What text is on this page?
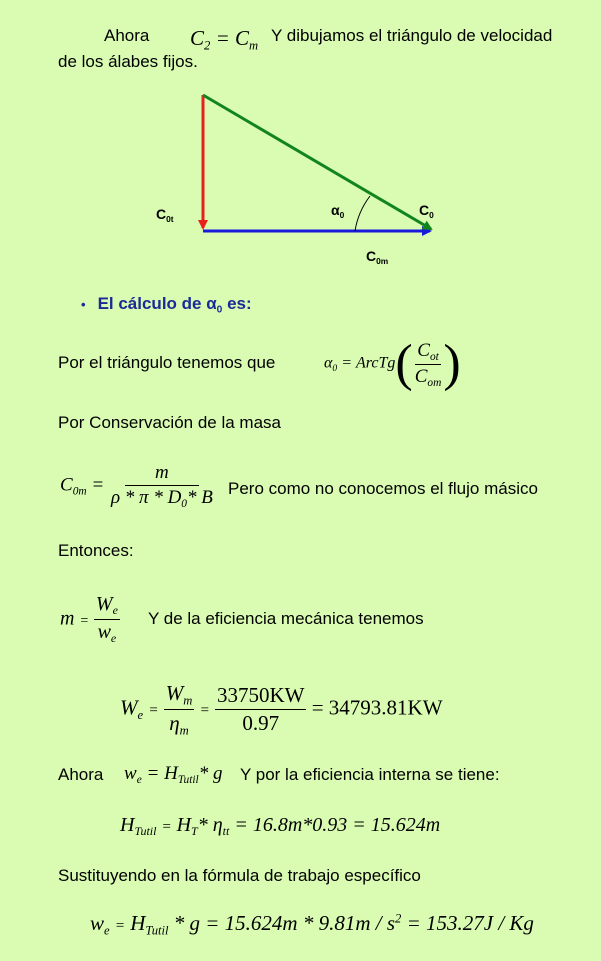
Ahora $C_2 = C_m$
Y dibujamos el triángulo de velocidad
de los álabes fijos.
$C_{0t}$
$\alpha_0$	$C_0$
$C_{0m}$
• El cálculo de $\alpha_0$ es:
Por el triángulo tenemos que	$\alpha_0$ = ArcTg( $\frac{C_{ot}}{C_{om}}$ )
Por Conservación de la masa
$C_{0m} = \frac{m}{\rho * \pi * D_0* B}$ Pero como no conocemos el flujo másico
Entonces:
$m = \frac{W_e}{w_e}$ Y de la eficiencia mecánica tenemos
$W_e = \frac{W_m}{\eta_m} = \frac{33750KW}{0.97} = 34793.81KW$
Ahora $w_e = H_{Tutil}*$ g Y por la eficiencia interna se tiene:
$H_{Tutil} = H_T*$ $\eta_{tt} = 16.8m*0.93 = 15.624m$
Sustituyendo en la fórmula de trabajo específico
$w_e = H_{Tutil} * g = 15.624m * 9.81m / s^2 = 153.27J / Kg$
